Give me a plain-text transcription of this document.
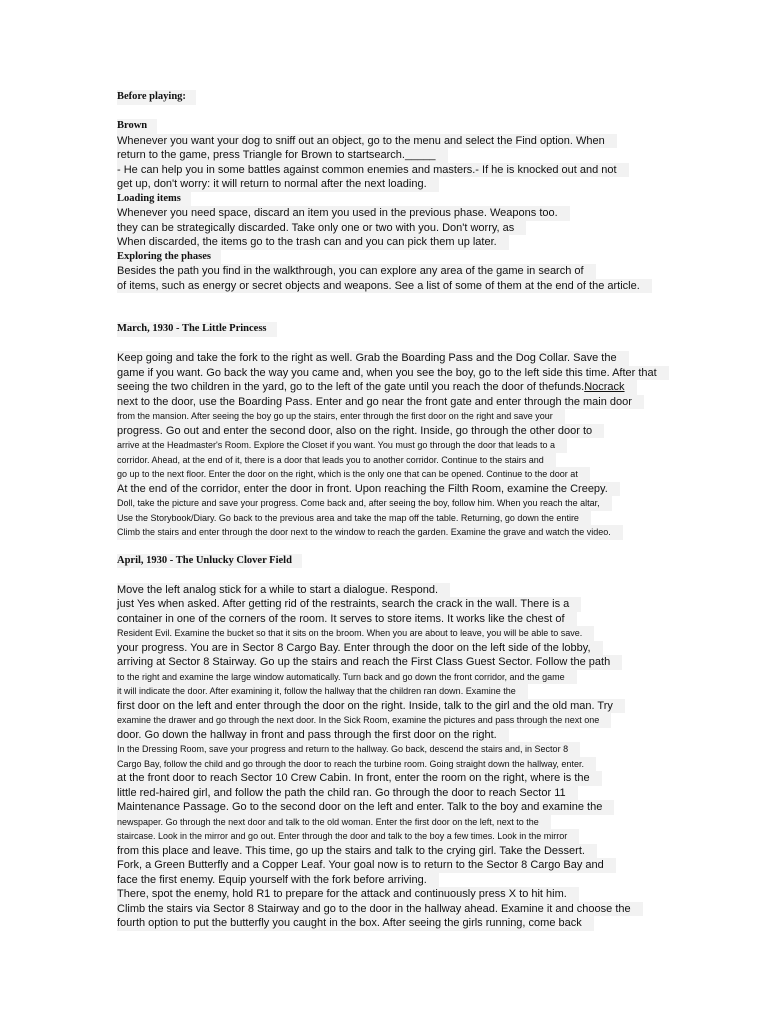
Before playing:
Brown
Whenever you want your dog to sniff out an object, go to the menu and select the Find option. When
return to the game, press Triangle for Brown to startsearch._____
- He can help you in some battles against common enemies and masters.- If he is knocked out and not
get up, don't worry: it will return to normal after the next loading.
Loading items
Whenever you need space, discard an item you used in the previous phase. Weapons too.
they can be strategically discarded. Take only one or two with you. Don't worry, as
When discarded, the items go to the trash can and you can pick them up later.
Exploring the phases
Besides the path you find in the walkthrough, you can explore any area of the game in search of
of items, such as energy or secret objects and weapons. See a list of some of them at the end of the article.
March, 1930 - The Little Princess
Keep going and take the fork to the right as well. Grab the Boarding Pass and the Dog Collar. Save the
game if you want. Go back the way you came and, when you see the boy, go to the left side this time. After that
seeing the two children in the yard, go to the left of the gate until you reach the door of thefunds.Nocrack
next to the door, use the Boarding Pass. Enter and go near the front gate and enter through the main door
from the mansion. After seeing the boy go up the stairs, enter through the first door on the right and save your
progress. Go out and enter the second door, also on the right. Inside, go through the other door to
arrive at the Headmaster's Room. Explore the Closet if you want. You must go through the door that leads to a
corridor. Ahead, at the end of it, there is a door that leads you to another corridor. Continue to the stairs and
go up to the next floor. Enter the door on the right, which is the only one that can be opened. Continue to the door at
At the end of the corridor, enter the door in front. Upon reaching the Filth Room, examine the Creepy.
Doll, take the picture and save your progress. Come back and, after seeing the boy, follow him. When you reach the altar,
Use the Storybook/Diary. Go back to the previous area and take the map off the table. Returning, go down the entire
Climb the stairs and enter through the door next to the window to reach the garden. Examine the grave and watch the video.
April, 1930 - The Unlucky Clover Field
Move the left analog stick for a while to start a dialogue. Respond.
just Yes when asked. After getting rid of the restraints, search the crack in the wall. There is a
container in one of the corners of the room. It serves to store items. It works like the chest of
Resident Evil. Examine the bucket so that it sits on the broom. When you are about to leave, you will be able to save.
your progress. You are in Sector 8 Cargo Bay. Enter through the door on the left side of the lobby,
arriving at Sector 8 Stairway. Go up the stairs and reach the First Class Guest Sector. Follow the path
to the right and examine the large window automatically. Turn back and go down the front corridor, and the game
it will indicate the door. After examining it, follow the hallway that the children ran down. Examine the
first door on the left and enter through the door on the right. Inside, talk to the girl and the old man. Try
examine the drawer and go through the next door. In the Sick Room, examine the pictures and pass through the next one
door. Go down the hallway in front and pass through the first door on the right.
In the Dressing Room, save your progress and return to the hallway. Go back, descend the stairs and, in Sector 8
Cargo Bay, follow the child and go through the door to reach the turbine room. Going straight down the hallway, enter.
at the front door to reach Sector 10 Crew Cabin. In front, enter the room on the right, where is the
little red-haired girl, and follow the path the child ran. Go through the door to reach Sector 11
Maintenance Passage. Go to the second door on the left and enter. Talk to the boy and examine the
newspaper. Go through the next door and talk to the old woman. Enter the first door on the left, next to the
staircase. Look in the mirror and go out. Enter through the door and talk to the boy a few times. Look in the mirror
from this place and leave. This time, go up the stairs and talk to the crying girl. Take the Dessert.
Fork, a Green Butterfly and a Copper Leaf. Your goal now is to return to the Sector 8 Cargo Bay and
face the first enemy. Equip yourself with the fork before arriving.
There, spot the enemy, hold R1 to prepare for the attack and continuously press X to hit him.
Climb the stairs via Sector 8 Stairway and go to the door in the hallway ahead. Examine it and choose the
fourth option to put the butterfly you caught in the box. After seeing the girls running, come back
